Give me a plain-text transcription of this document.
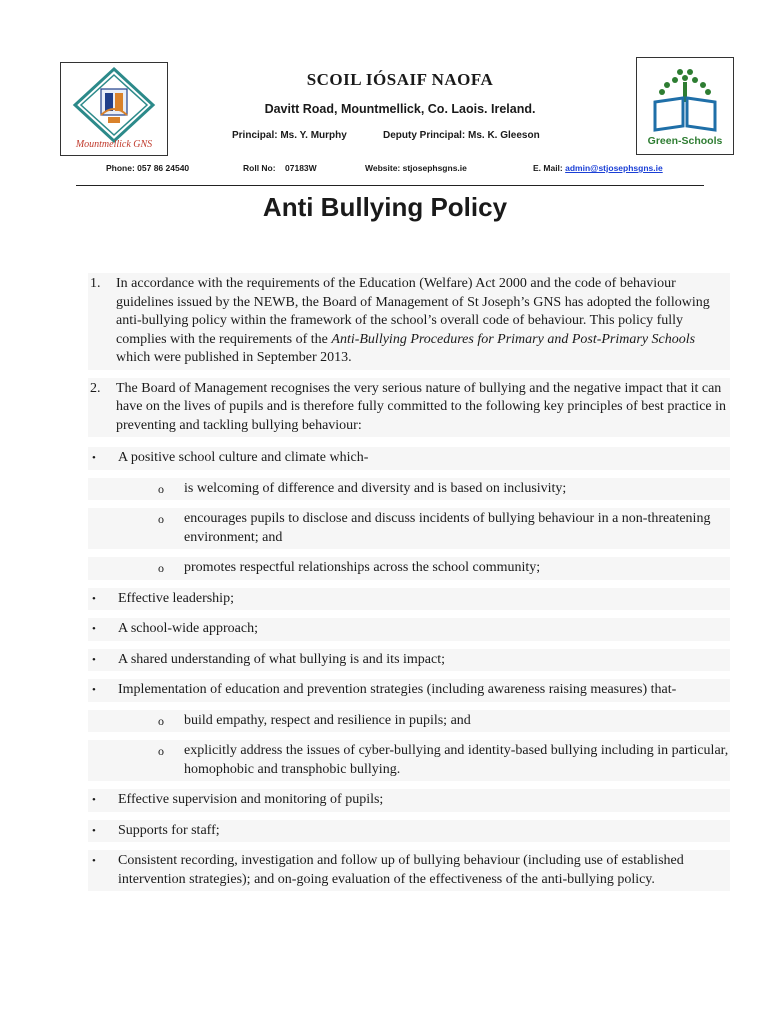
Mountmellick GNS	Green-Schools
SCOIL IÓSAIF NAOFA
Davitt Road, Mountmellick, Co. Laois. Ireland.
Principal: Ms. Y. Murphy	Deputy Principal: Ms. K. Gleeson
Phone: 057 86 24540	Roll No:    07183W	Website: stjosephsgns.ie	E. Mail: admin@stjosephsgns.ie
Anti Bullying Policy
1.	In accordance with the requirements of the Education (Welfare) Act 2000 and the code of behaviour guidelines issued by the NEWB, the Board of Management of St Joseph’s GNS has adopted the following anti-bullying policy within the framework of the school’s overall code of behaviour. This policy fully complies with the requirements of the Anti-Bullying Procedures for Primary and Post-Primary Schools which were published in September 2013.
2.	The Board of Management recognises the very serious nature of bullying and the negative impact that it can have on the lives of pupils and is therefore fully committed to the following key principles of best practice in preventing and tackling bullying behaviour:
•	A positive school culture and climate which-
o	is welcoming of difference and diversity and is based on inclusivity;
o	encourages pupils to disclose and discuss incidents of bullying behaviour in a non-threatening environment; and
o	promotes respectful relationships across the school community;
•	Effective leadership;
•	A school-wide approach;
•	A shared understanding of what bullying is and its impact;
•	Implementation of education and prevention strategies (including awareness raising measures) that-
o	build empathy, respect and resilience in pupils; and
o	explicitly address the issues of cyber-bullying and identity-based bullying including in particular, homophobic and transphobic bullying.
•	Effective supervision and monitoring of pupils;
•	Supports for staff;
•	Consistent recording, investigation and follow up of bullying behaviour (including use of established intervention strategies); and on-going evaluation of the effectiveness of the anti-bullying policy.
